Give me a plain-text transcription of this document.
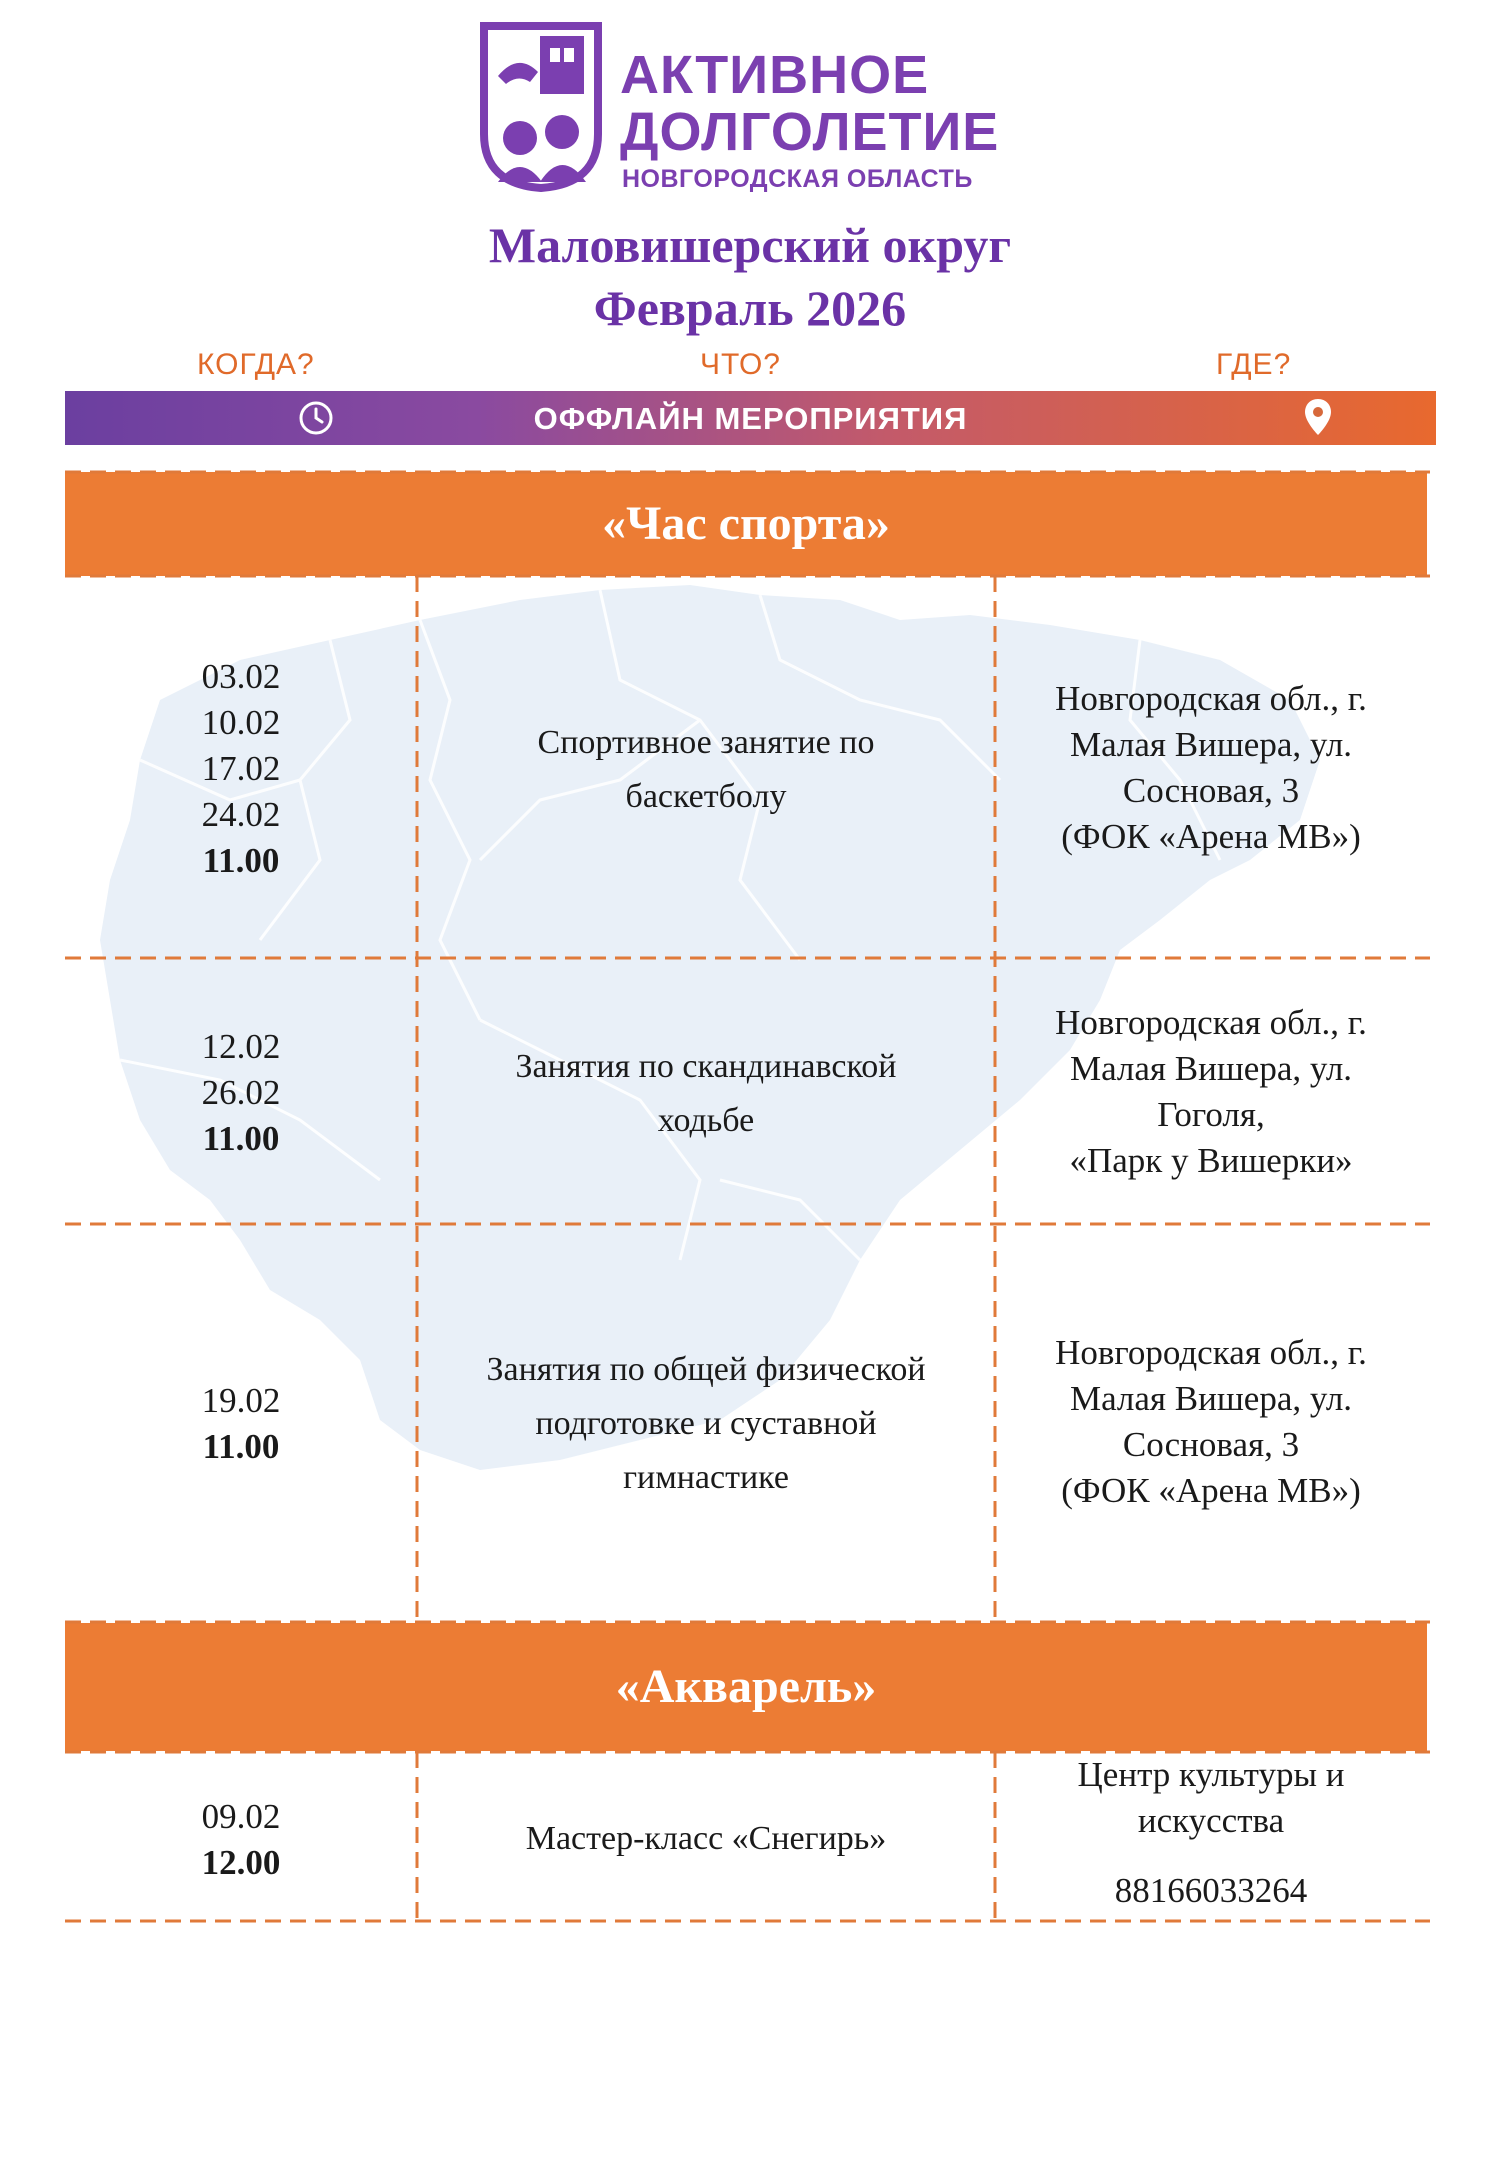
АКТИВНОЕ
ДОЛГОЛЕТИЕ
НОВГОРОДСКАЯ ОБЛАСТЬ
Маловишерский округ
Февраль 2026
КОГДА?	ЧТО?	ГДЕ?
ОФФЛАЙН МЕРОПРИЯТИЯ
«Час спорта»
03.02
10.02
17.02
24.02
11.00
Спортивное занятие по
баскетболу
Новгородская обл., г.
Малая Вишера, ул.
Сосновая, 3
(ФОК «Арена МВ»)
12.02
26.02
11.00
Занятия по скандинавской
ходьбе
Новгородская обл., г.
Малая Вишера, ул.
Гоголя,
«Парк у Вишерки»
19.02
11.00
Занятия по общей физической
подготовке и суставной
гимнастике
Новгородская обл., г.
Малая Вишера, ул.
Сосновая, 3
(ФОК «Арена МВ»)
«Акварель»
09.02
12.00
Мастер-класс «Снегирь»
Центр культуры и
искусства
88166033264
